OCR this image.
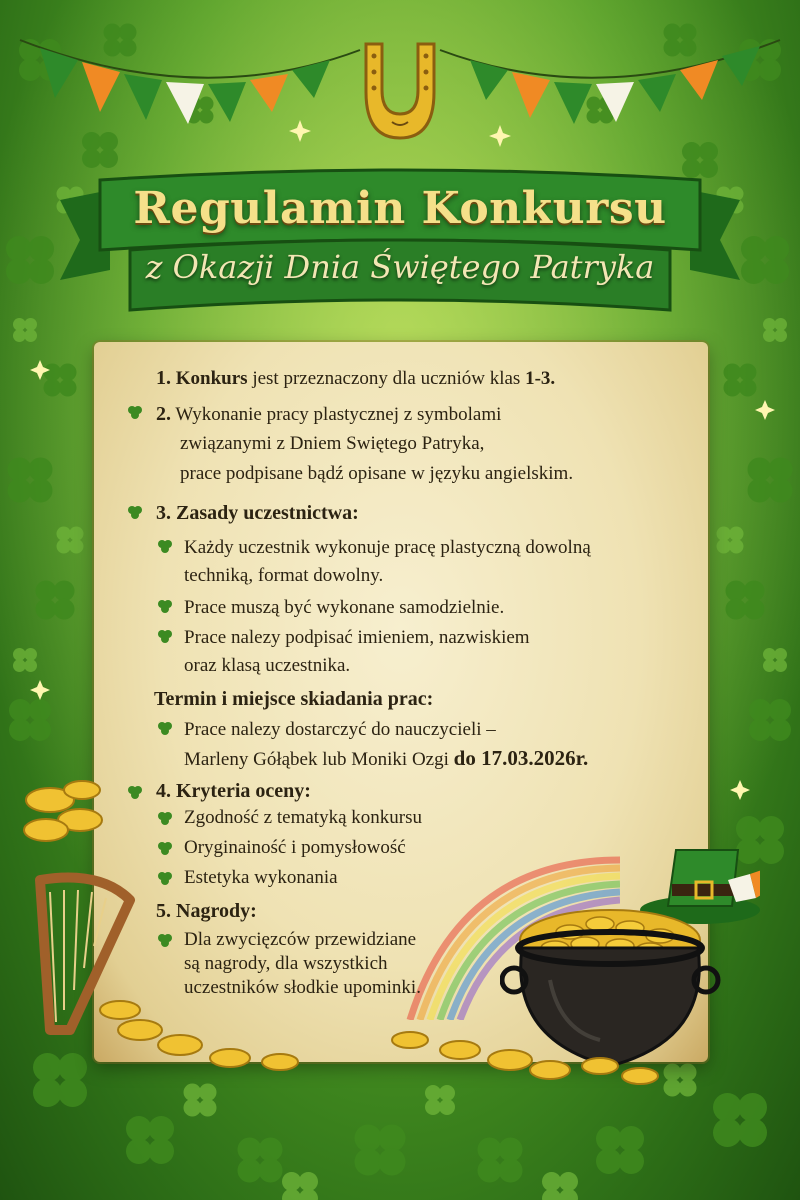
Regulamin Konkursu
z Okazji Dnia Świętego Patryka
1. Konkurs jest przeznaczony dla uczniów klas 1-3.
2. Wykonanie pracy plastycznej z symbolami
związanymi z Dniem Swiętego Patryka,
prace podpisane bądź opisane w języku angielskim.
3. Zasady uczestnictwa:
Każdy uczestnik wykonuje pracę plastyczną dowolną
techniką, format dowolny.
Prace muszą być wykonane samodzielnie.
Prace nalezy podpisać imieniem, nazwiskiem
oraz klasą uczestnika.
Termin i miejsce skiadania prac:
Prace nalezy dostarczyć do nauczycieli –
Marleny Gółąbek lub Moniki Ozgi do 17.03.2026r.
4. Kryteria oceny:
Zgodność z tematyką konkursu
Oryginainość i pomysłowość
Estetyka wykonania
5. Nagrody:
Dla zwycięzców przewidziane
są nagrody, dla wszystkich
uczestników słodkie upominki.
